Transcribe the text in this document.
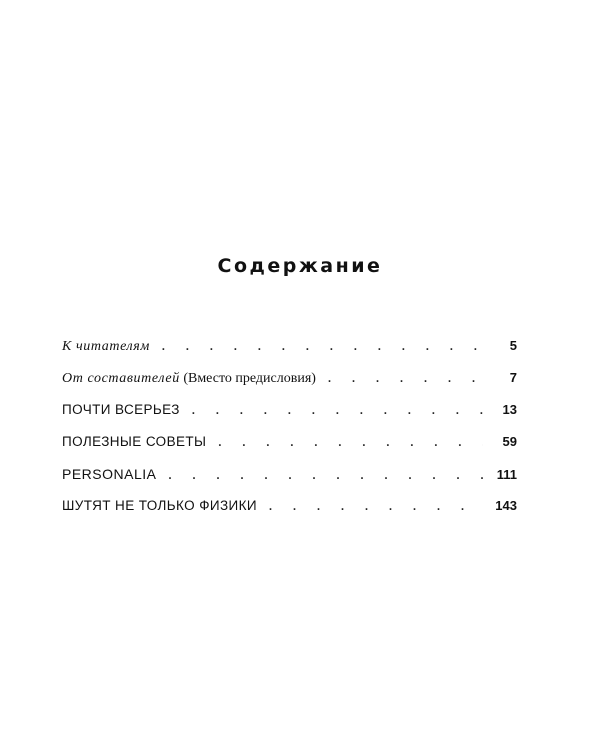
Содержание
К читателям . . .	5
От составителей (Вместо предисловия) . . .	7
ПОЧТИ ВСЕРЬЕЗ . . .	13
ПОЛЕЗНЫЕ СОВЕТЫ . . .	59
PERSONALIA . . .	111
ШУТЯТ НЕ ТОЛЬКО ФИЗИКИ . . .	143
